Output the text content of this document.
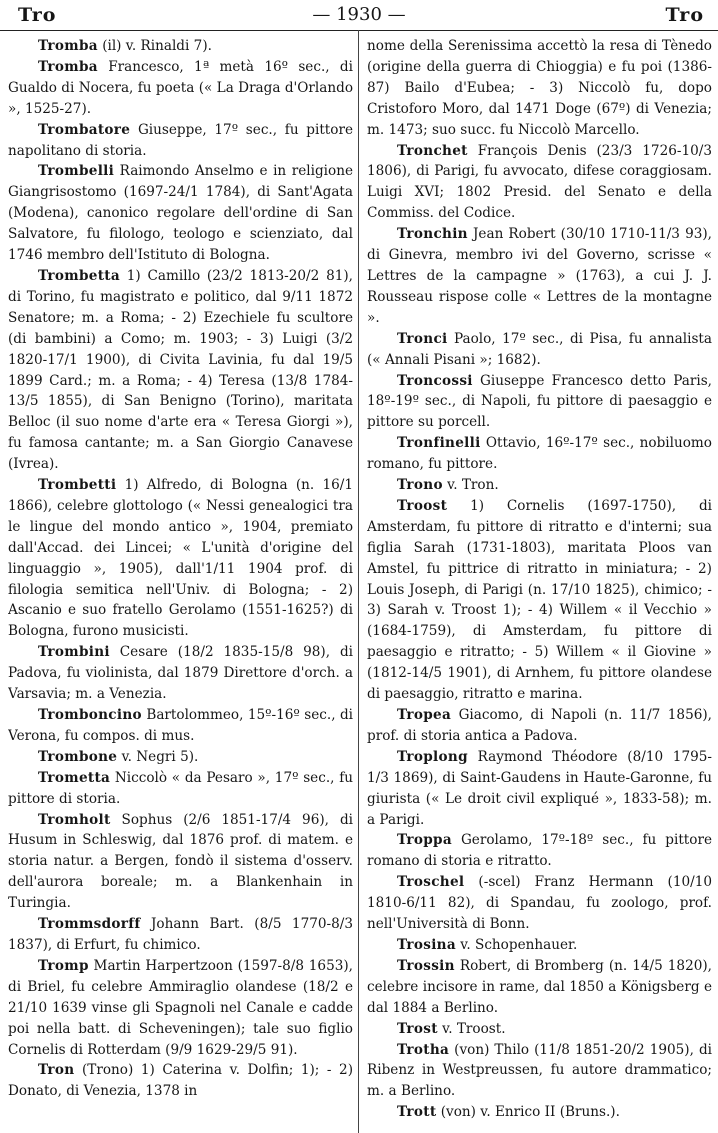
— 1930 —
Tro	Tro

Tromba (il) v. Rinaldi 7).

Tromba Francesco, 1ª metà 16º sec., di Gualdo di Nocera, fu poeta (« La Draga d'Orlando », 1525-27).

Trombatore Giuseppe, 17º sec., fu pittore napolitano di storia.

Trombelli Raimondo Anselmo e in religione Giangrisostomo (1697-24/1 1784), di Sant'Agata (Modena), canonico regolare dell'ordine di San Salvatore, fu filologo, teologo e scienziato, dal 1746 membro dell'Istituto di Bologna.

Trombetta 1) Camillo (23/2 1813-20/2 81), di Torino, fu magistrato e politico, dal 9/11 1872 Senatore; m. a Roma; - 2) Ezechiele fu scultore (di bambini) a Como; m. 1903; - 3) Luigi (3/2 1820-17/1 1900), di Civita Lavinia, fu dal 19/5 1899 Card.; m. a Roma; - 4) Teresa (13/8 1784-13/5 1855), di San Benigno (Torino), maritata Belloc (il suo nome d'arte era « Teresa Giorgi »), fu famosa cantante; m. a San Giorgio Canavese (Ivrea).

Trombetti 1) Alfredo, di Bologna (n. 16/1 1866), celebre glottologo (« Nessi genealogici tra le lingue del mondo antico », 1904, premiato dall'Accad. dei Lincei; « L'unità d'origine del linguaggio », 1905), dall'1/11 1904 prof. di filologia semitica nell'Univ. di Bologna; - 2) Ascanio e suo fratello Gerolamo (1551-1625?) di Bologna, furono musicisti.

Trombini Cesare (18/2 1835-15/8 98), di Padova, fu violinista, dal 1879 Direttore d'orch. a Varsavia; m. a Venezia.

Tromboncino Bartolommeo, 15º-16º sec., di Verona, fu compos. di mus.

Trombone v. Negri 5).

Trometta Niccolò « da Pesaro », 17º sec., fu pittore di storia.

Tromholt Sophus (2/6 1851-17/4 96), di Husum in Schleswig, dal 1876 prof. di matem. e storia natur. a Bergen, fondò il sistema d'osserv. dell'aurora boreale; m. a Blankenhain in Turingia.

Trommsdorff Johann Bart. (8/5 1770-8/3 1837), di Erfurt, fu chimico.

Tromp Martin Harpertzoon (1597-8/8 1653), di Briel, fu celebre Ammiraglio olandese (18/2 e 21/10 1639 vinse gli Spagnoli nel Canale e cadde poi nella batt. di Scheveningen); tale suo figlio Cornelis di Rotterdam (9/9 1629-29/5 91).

Tron (Trono) 1) Caterina v. Dolfin; 1); - 2) Donato, di Venezia, 1378 in

nome della Serenissima accettò la resa di Tènedo (origine della guerra di Chioggia) e fu poi (1386-87) Bailo d'Eubea; - 3) Niccolò fu, dopo Cristoforo Moro, dal 1471 Doge (67º) di Venezia; m. 1473; suo succ. fu Niccolò Marcello.

Tronchet François Denis (23/3 1726-10/3 1806), di Parigi, fu avvocato, difese coraggiosam. Luigi XVI; 1802 Presid. del Senato e della Commiss. del Codice.

Tronchin Jean Robert (30/10 1710-11/3 93), di Ginevra, membro ivi del Governo, scrisse « Lettres de la campagne » (1763), a cui J. J. Rousseau rispose colle « Lettres de la montagne ».

Tronci Paolo, 17º sec., di Pisa, fu annalista (« Annali Pisani »; 1682).

Troncossi Giuseppe Francesco detto Paris, 18º-19º sec., di Napoli, fu pittore di paesaggio e pittore su porcell.

Tronfinelli Ottavio, 16º-17º sec., nobiluomo romano, fu pittore.

Trono v. Tron.

Troost 1) Cornelis (1697-1750), di Amsterdam, fu pittore di ritratto e d'interni; sua figlia Sarah (1731-1803), maritata Ploos van Amstel, fu pittrice di ritratto in miniatura; - 2) Louis Joseph, di Parigi (n. 17/10 1825), chimico; - 3) Sarah v. Troost 1); - 4) Willem « il Vecchio » (1684-1759), di Amsterdam, fu pittore di paesaggio e ritratto; - 5) Willem « il Giovine » (1812-14/5 1901), di Arnhem, fu pittore olandese di paesaggio, ritratto e marina.

Tropea Giacomo, di Napoli (n. 11/7 1856), prof. di storia antica a Padova.

Troplong Raymond Théodore (8/10 1795-1/3 1869), di Saint-Gaudens in Haute-Garonne, fu giurista (« Le droit civil expliqué », 1833-58); m. a Parigi.

Troppa Gerolamo, 17º-18º sec., fu pittore romano di storia e ritratto.

Troschel (-scel) Franz Hermann (10/10 1810-6/11 82), di Spandau, fu zoologo, prof. nell'Università di Bonn.

Trosina v. Schopenhauer.

Trossin Robert, di Bromberg (n. 14/5 1820), celebre incisore in rame, dal 1850 a Königsberg e dal 1884 a Berlino.

Trost v. Troost.

Trotha (von) Thilo (11/8 1851-20/2 1905), di Ribenz in Westpreussen, fu autore drammatico; m. a Berlino.

Trott (von) v. Enrico II (Bruns.).
